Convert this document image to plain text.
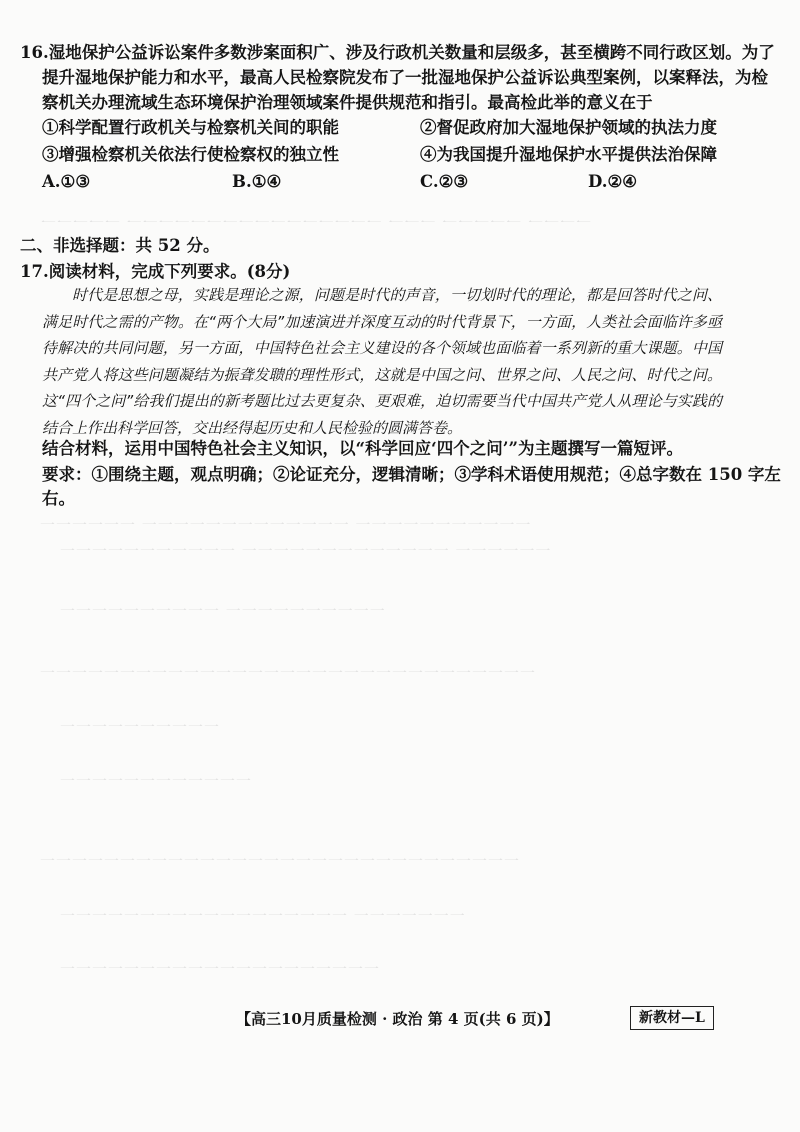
一一一一 一一一一一 一一一 一一一一一一一一一一一一一一一一 一一一一一
一一一一一一 一一一一一一一一一一一一一 一一一一一一一一一一一
一一一一一一一一一一一 一一一一一一一一一一一一一 一一一一一一
一一一一一一一一一一 一一一一一一一一一一
一一一一一一一一一一一一一一一一一一一一一一一一一一一一一一一
一一一一一一一一一一
一一一一一一一一一一一一
一一一一一一一一一一一一一一一一一一一一一一一一一一一一一一
一一一一一一一一一一一一一一一一一一 一一一一一一一
一一一一一一一一一一一一一一一一一一一一

16.湿地保护公益诉讼案件多数涉案面积广、涉及行政机关数量和层级多，甚至横跨不同行政区划。为了

提升湿地保护能力和水平，最高人民检察院发布了一批湿地保护公益诉讼典型案例，以案释法，为检

察机关办理流域生态环境保护治理领域案件提供规范和指引。最高检此举的意义在于

①科学配置行政机关与检察机关间的职能	②督促政府加大湿地保护领域的执法力度
③增强检察机关依法行使检察权的独立性	④为我国提升湿地保护水平提供法治保障
A.①③	B.①④	C.②③	D.②④
二、非选择题：共 52 分。
17.阅读材料，完成下列要求。(8分)

时代是思想之母，实践是理论之源，问题是时代的声音，一切划时代的理论，都是回答时代之问、满足时代之需的产物。在“两个大局”加速演进并深度互动的时代背景下，一方面，人类社会面临许多亟待解决的共同问题，另一方面，中国特色社会主义建设的各个领域也面临着一系列新的重大课题。中国共产党人将这些问题凝结为振聋发聩的理性形式，这就是中国之问、世界之问、人民之问、时代之问。这“四个之问”给我们提出的新考题比过去更复杂、更艰难，迫切需要当代中国共产党人从理论与实践的结合上作出科学回答，交出经得起历史和人民检验的圆满答卷。

结合材料，运用中国特色社会主义知识，以“科学回应‘四个之问’”为主题撰写一篇短评。
要求：①围绕主题，观点明确；②论证充分，逻辑清晰；③学科术语使用规范；④总字数在 150 字左右。
【高三10月质量检测 · 政治 第 4 页(共 6 页)】	新教材—L
